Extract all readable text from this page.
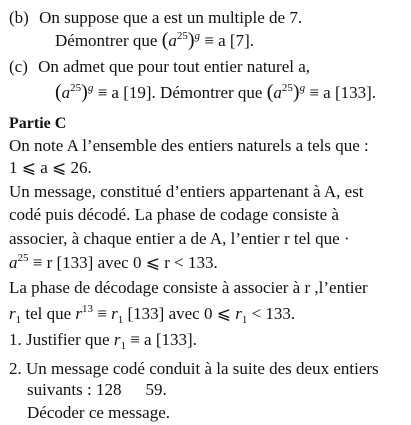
(b) On suppose que a est un multiple de 7.
Démontrer que $(a^{25})^g \equiv a$ [7].
(c) On admet que pour tout entier naturel a,
$(a^{25})^g \equiv a$ [19]. Démontrer que $(a^{25})^g \equiv a$ [133].
Partie C
On note A l’ensemble des entiers naturels a tels que :
1 ⩽ a ⩽ 26.
Un message, constitué d’entiers appartenant à A, est
codé puis décodé. La phase de codage consiste à
associer, à chaque entier a de A, l’entier r tel que ·
$a^{25} \equiv r$ [133] avec 0 ⩽ r < 133.
La phase de décodage consiste à associer à r ,l’entier
$r_1$ tel que $r^{13} \equiv r_1$ [133] avec 0 ⩽ $r_1 < 133$.
1. Justifier que $r_1 \equiv a$ [133].
2. Un message codé conduit à la suite des deux entiers
suivants : 128 59.
Décoder ce message.
